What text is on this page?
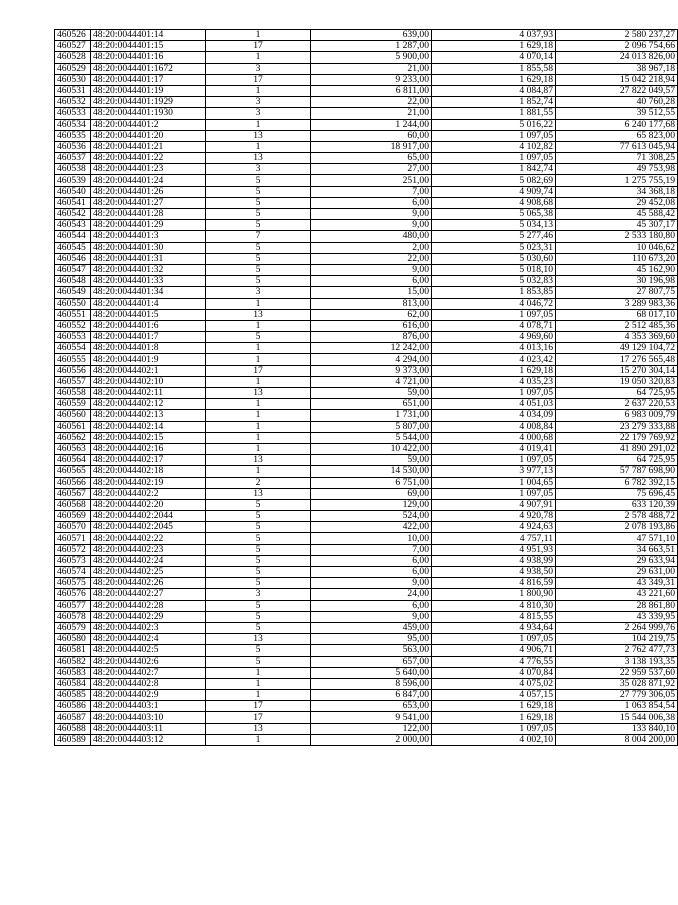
460526	48:20:0044401:14	1	639,00	4 037,93	2 580 237,27
460527	48:20:0044401:15	17	1 287,00	1 629,18	2 096 754,66
460528	48:20:0044401:16	1	5 900,00	4 070,14	24 013 826,00
460529	48:20:0044401:1672	3	21,00	1 855,58	38 967,18
460530	48:20:0044401:17	17	9 233,00	1 629,18	15 042 218,94
460531	48:20:0044401:19	1	6 811,00	4 084,87	27 822 049,57
460532	48:20:0044401:1929	3	22,00	1 852,74	40 760,28
460533	48:20:0044401:1930	3	21,00	1 881,55	39 512,55
460534	48:20:0044401:2	1	1 244,00	5 016,22	6 240 177,68
460535	48:20:0044401:20	13	60,00	1 097,05	65 823,00
460536	48:20:0044401:21	1	18 917,00	4 102,82	77 613 045,94
460537	48:20:0044401:22	13	65,00	1 097,05	71 308,25
460538	48:20:0044401:23	3	27,00	1 842,74	49 753,98
460539	48:20:0044401:24	5	251,00	5 082,69	1 275 755,19
460540	48:20:0044401:26	5	7,00	4 909,74	34 368,18
460541	48:20:0044401:27	5	6,00	4 908,68	29 452,08
460542	48:20:0044401:28	5	9,00	5 065,38	45 588,42
460543	48:20:0044401:29	5	9,00	5 034,13	45 307,17
460544	48:20:0044401:3	7	480,00	5 277,46	2 533 180,80
460545	48:20:0044401:30	5	2,00	5 023,31	10 046,62
460546	48:20:0044401:31	5	22,00	5 030,60	110 673,20
460547	48:20:0044401:32	5	9,00	5 018,10	45 162,90
460548	48:20:0044401:33	5	6,00	5 032,83	30 196,98
460549	48:20:0044401:34	3	15,00	1 853,85	27 807,75
460550	48:20:0044401:4	1	813,00	4 046,72	3 289 983,36
460551	48:20:0044401:5	13	62,00	1 097,05	68 017,10
460552	48:20:0044401:6	1	616,00	4 078,71	2 512 485,36
460553	48:20:0044401:7	5	876,00	4 969,60	4 353 369,60
460554	48:20:0044401:8	1	12 242,00	4 013,16	49 129 104,72
460555	48:20:0044401:9	1	4 294,00	4 023,42	17 276 565,48
460556	48:20:0044402:1	17	9 373,00	1 629,18	15 270 304,14
460557	48:20:0044402:10	1	4 721,00	4 035,23	19 050 320,83
460558	48:20:0044402:11	13	59,00	1 097,05	64 725,95
460559	48:20:0044402:12	1	651,00	4 051,03	2 637 220,53
460560	48:20:0044402:13	1	1 731,00	4 034,09	6 983 009,79
460561	48:20:0044402:14	1	5 807,00	4 008,84	23 279 333,88
460562	48:20:0044402:15	1	5 544,00	4 000,68	22 179 769,92
460563	48:20:0044402:16	1	10 422,00	4 019,41	41 890 291,02
460564	48:20:0044402:17	13	59,00	1 097,05	64 725,95
460565	48:20:0044402:18	1	14 530,00	3 977,13	57 787 698,90
460566	48:20:0044402:19	2	6 751,00	1 004,65	6 782 392,15
460567	48:20:0044402:2	13	69,00	1 097,05	75 696,45
460568	48:20:0044402:20	5	129,00	4 907,91	633 120,39
460569	48:20:0044402:2044	5	524,00	4 920,78	2 578 488,72
460570	48:20:0044402:2045	5	422,00	4 924,63	2 078 193,86
460571	48:20:0044402:22	5	10,00	4 757,11	47 571,10
460572	48:20:0044402:23	5	7,00	4 951,93	34 663,51
460573	48:20:0044402:24	5	6,00	4 938,99	29 633,94
460574	48:20:0044402:25	5	6,00	4 938,50	29 631,00
460575	48:20:0044402:26	5	9,00	4 816,59	43 349,31
460576	48:20:0044402:27	3	24,00	1 800,90	43 221,60
460577	48:20:0044402:28	5	6,00	4 810,30	28 861,80
460578	48:20:0044402:29	5	9,00	4 815,55	43 339,95
460579	48:20:0044402:3	5	459,00	4 934,64	2 264 999,76
460580	48:20:0044402:4	13	95,00	1 097,05	104 219,75
460581	48:20:0044402:5	5	563,00	4 906,71	2 762 477,73
460582	48:20:0044402:6	5	657,00	4 776,55	3 138 193,35
460583	48:20:0044402:7	1	5 640,00	4 070,84	22 959 537,60
460584	48:20:0044402:8	1	8 596,00	4 075,02	35 028 871,92
460585	48:20:0044402:9	1	6 847,00	4 057,15	27 779 306,05
460586	48:20:0044403:1	17	653,00	1 629,18	1 063 854,54
460587	48:20:0044403:10	17	9 541,00	1 629,18	15 544 006,38
460588	48:20:0044403:11	13	122,00	1 097,05	133 840,10
460589	48:20:0044403:12	1	2 000,00	4 002,10	8 004 200,00
